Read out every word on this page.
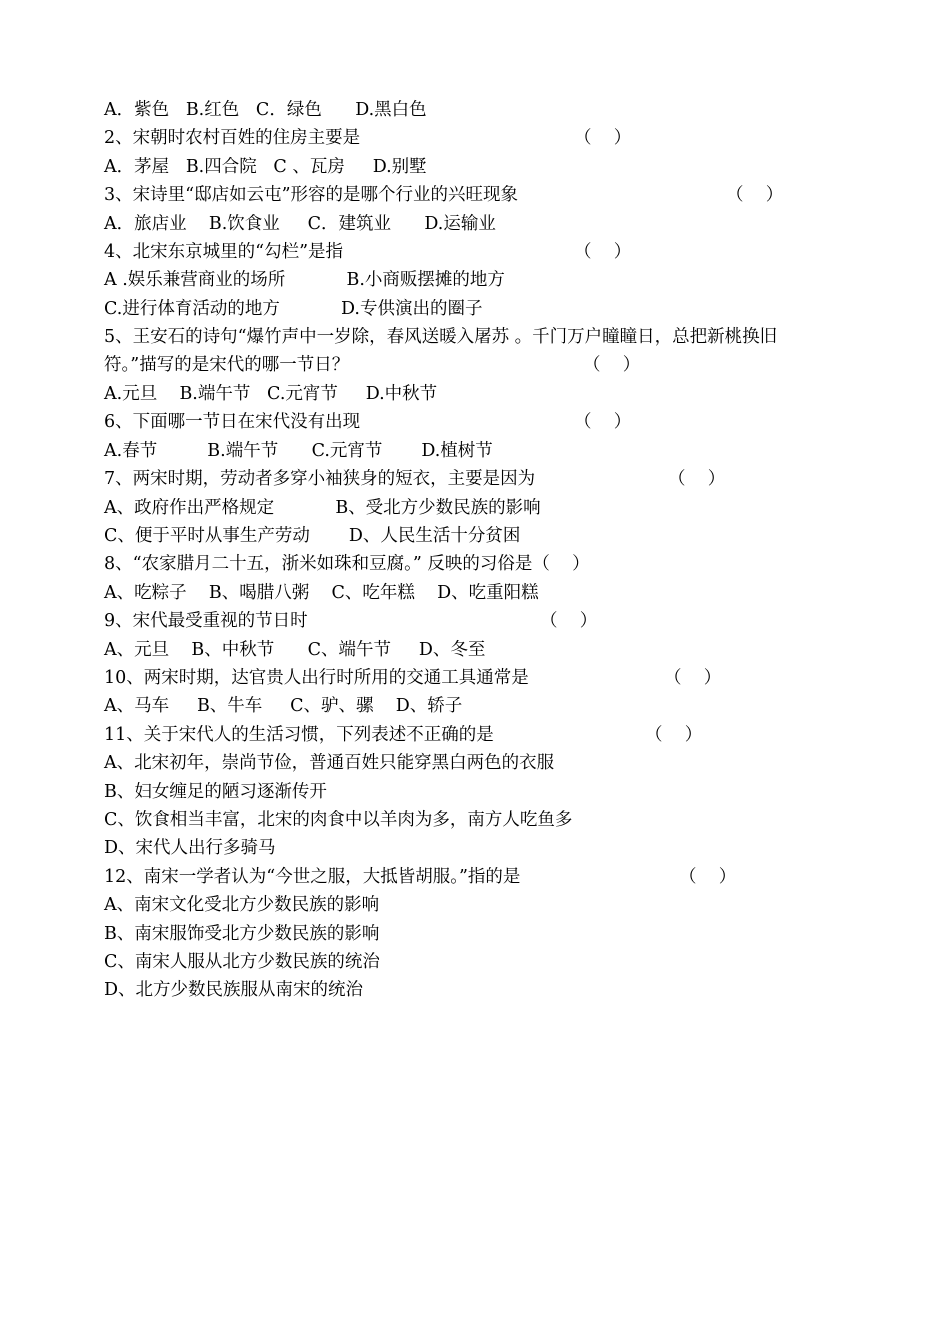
A．紫色   B.红色   C．绿色      D.黑白色
2、宋朝时农村百姓的住房主要是	（    ）
A．茅屋   B.四合院   C 、瓦房     D.别墅
3、宋诗里“邸店如云屯”形容的是哪个行业的兴旺现象	（    ）
A．旅店业    B.饮食业     C．建筑业      D.运输业
4、北宋东京城里的“勾栏”是指	（    ）
A .娱乐兼营商业的场所           B.小商贩摆摊的地方
C.进行体育活动的地方           D.专供演出的圈子
5、王安石的诗句“爆竹声中一岁除，春风送暖入屠苏 。千门万户瞳瞳日，总把新桃换旧
符。”描写的是宋代的哪一节日？	（    ）
A.元旦    B.端午节   C.元宵节     D.中秋节
6、下面哪一节日在宋代没有出现	（    ）
A.春节         B.端午节      C.元宵节       D.植树节
7、两宋时期，劳动者多穿小袖狭身的短衣，主要是因为	（    ）
A、政府作出严格规定           B、受北方少数民族的影响
C、便于平时从事生产劳动       D、人民生活十分贫困
8、“农家腊月二十五，浙米如珠和豆腐。” 反映的习俗是（    ）
A、吃粽子    B、喝腊八粥    C、吃年糕    D、吃重阳糕
9、宋代最受重视的节日时	（    ）
A、元旦    B、中秋节      C、端午节     D、冬至
10、两宋时期，达官贵人出行时所用的交通工具通常是	（    ）
A、马车     B、牛车     C、驴、骡    D、轿子
11、关于宋代人的生活习惯，下列表述不正确的是	（    ）
A、北宋初年，崇尚节俭，普通百姓只能穿黑白两色的衣服
B、妇女缠足的陋习逐渐传开
C、饮食相当丰富，北宋的肉食中以羊肉为多，南方人吃鱼多
D、宋代人出行多骑马
12、南宋一学者认为“今世之服，大抵皆胡服。”指的是	（    ）
A、南宋文化受北方少数民族的影响
B、南宋服饰受北方少数民族的影响
C、南宋人服从北方少数民族的统治
D、北方少数民族服从南宋的统治
